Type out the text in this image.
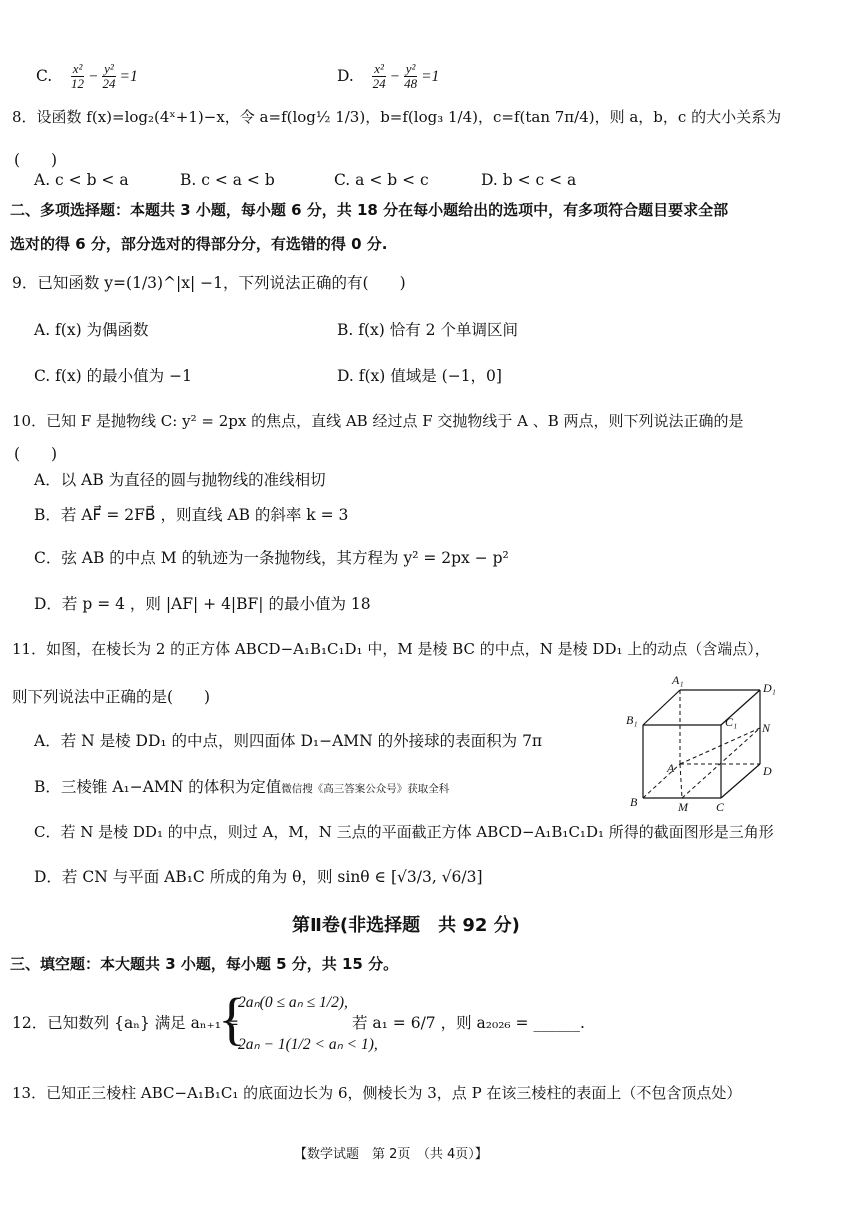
C. $\frac{\text{x²}}{12} - \frac{\text{y²}}{24} =1$	D. $\frac{\text{x²}}{24} - \frac{\text{y²}}{48} =1$
8．设函数 f(x)=log₂(4ˣ+1)−x，令 a=f(log½ 1/3)，b=f(log₃ 1/4)，c=f(tan 7π/4)，则 a，b，c 的大小关系为
(　　)
A. c < b < a	B. c < a < b	C. a < b < c	D. b < c < a
二、多项选择题：本题共 3 小题，每小题 6 分，共 18 分在每小题给出的选项中，有多项符合题目要求全部
选对的得 6 分，部分选对的得部分分，有选错的得 0 分.
9．已知函数 y=(1/3)^|x| −1，下列说法正确的有(　　)
A. f(x) 为偶函数	B. f(x) 恰有 2 个单调区间
C. f(x) 的最小值为 −1	D. f(x) 值域是 (−1，0]
10．已知 F 是抛物线 C: y² = 2px 的焦点，直线 AB 经过点 F 交抛物线于 A 、B 两点，则下列说法正确的是
(　　)
A．以 AB 为直径的圆与抛物线的准线相切
B．若 AF⃗ = 2FB⃗ ，则直线 AB 的斜率 k = 3
C．弦 AB 的中点 M 的轨迹为一条抛物线，其方程为 y² = 2px − p²
D．若 p = 4 ，则 |AF| + 4|BF| 的最小值为 18
11．如图，在棱长为 2 的正方体 ABCD−A₁B₁C₁D₁ 中，M 是棱 BC 的中点，N 是棱 DD₁ 上的动点（含端点），
则下列说法中正确的是(　　)
A．若 N 是棱 DD₁ 的中点，则四面体 D₁−AMN 的外接球的表面积为 7π
B．三棱锥 A₁−AMN 的体积为定值微信搜《高三答案公众号》获取全科
C．若 N 是棱 DD₁ 的中点，则过 A，M，N 三点的平面截正方体 ABCD−A₁B₁C₁D₁ 所得的截面图形是三角形
D．若 CN 与平面 AB₁C 所成的角为 θ，则 sinθ ∈ [√3/3, √6/3]
A₁
D₁
B₁	C₁ N
A	D
B	M C
第Ⅱ卷(非选择题　共 92 分)
三、填空题：本大题共 3 小题，每小题 5 分，共 15 分。
12．已知数列 {aₙ} 满足 aₙ₊₁ =
{
2aₙ(0 ≤ aₙ ≤ 1/2),
2aₙ − 1(1/2 < aₙ < 1),
若 a₁ = 6/7 ，则 a₂₀₂₆ = ______.
13．已知正三棱柱 ABC−A₁B₁C₁ 的底面边长为 6，侧棱长为 3，点 P 在该三棱柱的表面上（不包含顶点处）
【数学试题　第 2页　（共 4页）】
